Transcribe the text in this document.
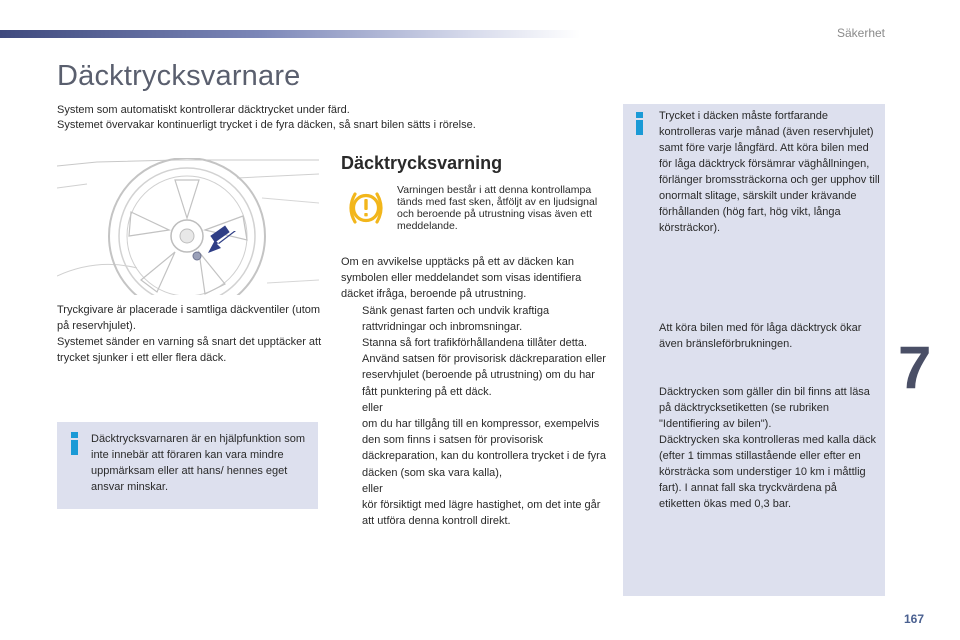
Säkerhet
Däcktrycksvarnare

System som automatiskt kontrollerar däcktrycket under färd.

Systemet övervakar kontinuerligt trycket i de fyra däcken, så snart bilen sätts i rörelse.

Tryckgivare är placerade i samtliga däckventiler (utom på reservhjulet).

Systemet sänder en varning så snart det upptäcker att trycket sjunker i ett eller flera däck.

Däcktrycksvarnaren är en hjälpfunktion som inte innebär att föraren kan vara mindre uppmärksam eller att hans/ hennes eget ansvar minskar.
Däcktrycksvarning
Varningen består i att denna kontrollampa tänds med fast sken, åtföljt av en ljudsignal och beroende på utrustning visas även ett meddelande.

Om en avvikelse upptäcks på ett av däcken kan symbolen eller meddelandet som visas identifiera däcket ifråga, beroende på utrustning.

Sänk genast farten och undvik kraftiga rattvridningar och inbromsningar.
Stanna så fort trafikförhållandena tillåter detta.
Använd satsen för provisorisk däckreparation eller reservhjulet (beroende på utrustning) om du har fått punktering på ett däck.

eller

om du har tillgång till en kompressor, exempelvis den som finns i satsen för provisorisk däckreparation, kan du kontrollera trycket i de fyra däcken (som ska vara kalla),

eller

kör försiktigt med lägre hastighet, om det inte går att utföra denna kontroll direkt.
Trycket i däcken måste fortfarande kontrolleras varje månad (även reservhjulet) samt före varje långfärd. Att köra bilen med för låga däcktryck försämrar väghållningen, förlänger bromssträckorna och ger upphov till onormalt slitage, särskilt under krävande förhållanden (hög fart, hög vikt, långa körsträckor).
Att köra bilen med för låga däcktryck ökar även bränsleförbrukningen.

Däcktrycken som gäller din bil finns att läsa på däcktrycksetiketten (se rubriken "Identifiering av bilen").

Däcktrycken ska kontrolleras med kalla däck (efter 1 timmas stillastående eller efter en körsträcka som understiger 10 km i måttlig fart). I annat fall ska tryckvärdena på etiketten ökas med 0,3 bar.

7
167
